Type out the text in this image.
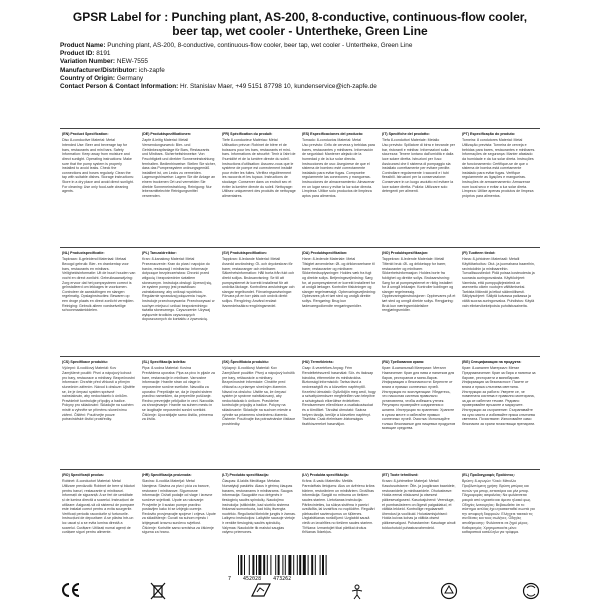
GPSR Label for : Punching plant, AS-200, 8-conductive, continuous-flow cooler, beer tap, wet cooler - Untertheke, Green Line
Product Name: Punching plant, AS-200, 8-conductive, continuous-flow cooler, beer tap, wet cooler - Untertheke, Green Line
Product ID: 8191
Variation Number: NEW-7555
Manufacturer/Distributor: ich-zapfe
Country of Origin: Germany
Contact Person & Contact Information: Hr. Stanislav Maer, +49 5151 87798 10, kundenservice@ich-zapfe.de
(EN) Product Specification:
Disc 8-conductive Material: Metal
Intended Use: Beer and beverage tap for bars, restaurants and mini bars. Safety Information: Keep away from moisture and direct sunlight. Operating instructions: Make sure that the pump system is properly installed to avoid leaks. Check the connections and hoses regularly. Clean the tap with suitable dishes. Storage instructions: Store in a dry place and avoid direct sunlight. For cleaning: Use only food-safe cleaning agents.
(DE) Produktspezifikationen:
Zapfe 8-leitig Material: Metall
Verwendungszweck: Bier- und Getränkezapfanlage für Bars, Restaurants und Minibars. Sicherheitshinweise: Von Feuchtigkeit und direkter Sonneneinstrahlung fernhalten. Bedienhinweise: Stellen Sie sicher, dass das Pumpensystem ordnungsgemäß installiert ist, um Lecks zu vermeiden. Lagerungshinweise: Lagern Sie die Anlage an einem trockenen Ort und vermeiden Sie direkte Sonneneinstrahlung. Reinigung: Nur lebensmittelechte Reinigungsmittel verwenden.
(FR) Spécification du produit:
Tiefe 8-conducteur Matériau: Métal
Utilisation prévue: Robinet de bière et de boissons pour les bars, restaurants et mini-bars. Informations de sécurité: Tenir à l'abri de l'humidité et de la lumière directe du soleil. Instructions d'utilisation: Assurez-vous que le système de pompe est correctement installé pour éviter les fuites. Vérifiez régulièrement les raccords et les tuyaux. Instructions de stockage: Conserver dans un endroit sec et éviter la lumière directe du soleil. Nettoyage: Utilisez uniquement des produits de nettoyage alimentaires.
(ES) Especificaciones del producto:
Tomado: 8-conductos Material: Metal
Uso previsto: Grifo de cerveza y bebidas para bares, restaurantes y minibares. Información de seguridad: Mantener alejado de la humedad y de la luz solar directa. Instrucciones de uso: Asegúrese de que el sistema de bombeo esté correctamente instalado para evitar fugas. Compruebe regularmente las conexiones y mangueras. Instrucciones de almacenamiento: Almacenar en un lugar seco y evitar la luz solar directa. Limpieza: Utilice solo productos de limpieza aptos para alimentos.
(IT) Specifiche del prodotto:
Tiefa 8-conduttori Materiale: Metallo
Uso previsto: Spillatore di birra e bevande per bar, ristoranti e minibar. Informazioni sulla sicurezza: Tenere lontano dall'umidità e dalla luce solare diretta. Istruzioni per l'uso: Assicurarsi che il sistema di pompaggio sia installato correttamente per evitare perdite. Controllare regolarmente i raccordi e i tubi flessibili. Istruzioni per la conservazione: Conservare in un luogo asciutto ed evitare la luce solare diretta. Pulizia: Utilizzare solo detergenti per alimenti.
(PT) Especificação do produto:
Torneira: 8 condutores Material: Metal
Utilização prevista: Torneira de cerveja e bebidas para bares, restaurantes e minibares. Informações de segurança: Manter afastado da humidade e da luz solar direta. Instruções de funcionamento: Certifique-se de que o sistema de bomba está corretamente instalado para evitar fugas. Verifique regularmente as ligações e mangueiras. Instruções de armazenamento: Armazenar num local seco e evitar a luz solar direta. Limpeza: Utilize apenas produtos de limpeza próprios para alimentos.
(NL) Productspecificatie:
Tapkraan: 8-geleidend Materiaal: Metaal
Beoogd gebruik: Bier- en drankentap voor bars, restaurants en minibars. Veiligheidsinformatie: Uit de buurt houden van vocht en direct zonlicht. Gebruiksaanwijzing: Zorg ervoor dat het pompsysteem correct is geïnstalleerd om lekkages te voorkomen. Controleer de aansluitingen en slangen regelmatig. Opslaginstructies: Bewaren op een droge plaats en direct zonlicht vermijden. Reiniging: Gebruik alleen voedselveilige schoonmaakmiddelen.
(PL) Tarcza/dreiktor:
Kran: 8-kanałowy Materiał: Metal
Przeznaczenie: Kran do piwa i napojów do barów, restauracji i minibarów. Informacje dotyczące bezpieczeństwa: Chronić przed wilgocią i bezpośrednim światłem słonecznym. Instrukcja obsługi: Upewnij się, że system pompy jest prawidłowo zainstalowany, aby uniknąć wycieków. Regularnie sprawdzaj połączenia i węże. Instrukcje przechowywania: Przechowywać w suchym miejscu i unikać bezpośredniego światła słonecznego. Czyszczenie: Używaj wyłącznie środków czyszczących dopuszczonych do kontaktu z żywnością.
(SV) Produktspecifikation:
Tappkran: 8-ledande Material: Metall
Avsedd användning: Öl- och dryckeskran för barer, restauranger och minibarer. Säkerhetsinformation: Håll borta från fukt och direkt solljus. Bruksanvisning: Se till att pumpsystemet är korrekt installerat för att undvika läckage. Kontrollera anslutningar och slangar regelbundet. Förvaringsanvisningar: Förvara på en torr plats och undvik direkt solljus. Rengöring: Använd endast livsmedelssäkra rengöringsmedel.
(DA) Produktspecifikation:
Hane: 8-ledende Materiale: Metal
Tilsigtet anvendelse: Øl- og drikkevarehane til barer, restauranter og minibarer. Sikkerhedsoplysninger: Holdes væk fra fugt og direkte sollys. Betjeningsvejledning: Sørg for, at pumpesystemet er korrekt installeret for at undgå lækager. Kontroller tilslutninger og slanger regelmæssigt. Opbevaringsvejledning: Opbevares på et tørt sted og undgå direkte sollys. Rengøring: Brug kun fødevaregodkendte rengøringsmidler.
(NO) Produktspesifikasjon:
Tappekran: 8-ledende Materiale: Metall
Tiltenkt bruk: Øl- og drikketapp for barer, restauranter og minibarer. Sikkerhetsinformasjon: Holdes borte fra fuktighet og direkte sollys. Bruksanvisning: Sørg for at pumpesystemet er riktig installert for å unngå lekkasjer. Kontroller koblinger og slanger regelmessig. Oppbevaringsinstruksjoner: Oppbevares på et tørt sted og unngå direkte sollys. Rengjøring: Bruk kun næringsmiddelsikre rengjøringsmidler.
(FI) Tuotteen tiedot:
Hana: 8-johtoinen Materiaali: Metalli
Käyttötarkoitus: Olut- ja juomahana baareihin, ravintoloihin ja minibaareihin. Turvallisuustiedot: Pidä poissa kosteudesta ja suorasta auringonvalosta. Käyttöohjeet: Varmista, että pumppujärjestelmä on asennettu oikein vuotojen välttämiseksi. Tarkista liitännät ja letkut säännöllisesti. Säilytysohjeet: Säilytä kuivassa paikassa ja vältä suoraa auringonvaloa. Puhdistus: Käytä vain elintarvikekelpoisia puhdistusaineita.
(CS) Specifikace produktu:
Výčepní: 8-vodičový Materiál: Kov
Zamýšlené použití: Pivní a nápojový kohout pro bary, restaurace a minibary. Bezpečnostní informace: Chraňte před vlhkostí a přímým slunečním zářením. Návod k obsluze: Ujistěte se, že je čerpací systém správně nainstalován, aby nedocházelo k únikům. Pravidelně kontrolujte přípojky a hadice. Pokyny pro skladování: Skladujte na suchém místě a vyhněte se přímému slunečnímu záření. Čištění: Používejte pouze potravinářské čisticí prostředky.
(SL) Specifikacija izdelka:
Pipa: 8-vodna Material: Kovina
Predvidena uporaba: Pipa za pivo in pijače za bare, restavracije in minibare. Varnostne informacije: Hranite stran od vlage in neposredne sončne svetlobe. Navodila za uporabo: Prepričajte se, da je črpalni sistem pravilno nameščen, da preprečite puščanje. Redno preverjajte priključke in cevi. Navodila za shranjevanje: Hranite na suhem mestu in se izogibajte neposredni sončni svetlobi. Čiščenje: Uporabljajte samo čistila, primerna za živila.
(SK) Špecifikácia produktu:
Výčapný: 8-vodičový Materiál: Kov
Zamýšľané použitie: Pivný a nápojový kohútik pre bary, reštaurácie a minibary. Bezpečnostné informácie: Chráňte pred vlhkosťou a priamym slnečným žiarením. Návod na obsluhu: Uistite sa, že čerpací systém je správne nainštalovaný, aby nedochádzalo k únikom. Pravidelne kontrolujte prípojky a hadice. Pokyny na skladovanie: Skladujte na suchom mieste a vyhnite sa priamemu slnečnému žiareniu. Čistenie: Používajte iba potravinárske čistiace prostriedky.
(HU) Termékleírás:
Csap: 8-vezetékes Anyag: Fém
Rendeltetésszerű használat: Sör- és italcsap bárokba, éttermekbe és minibárokba. Biztonsági információk: Tartsa távol a nedvességtől és a közvetlen napfénytől. Kezelési útmutató: Győződjön meg arról, hogy a szivattyúrendszer megfelelően van telepítve a szivárgások elkerülése érdekében. Rendszeresen ellenőrizze a csatlakozásokat és a tömlőket. Tárolási útmutató: Száraz helyen tárolja, kerülje a közvetlen napfényt. Tisztítás: Csak élelmiszer-biztonságos tisztítószereket használjon.
(RU) Требования крана:
Кран: 8-канальный Материал: Металл
Назначение: Кран для пива и напитков для баров, ресторанов и мини-баров. Информация о безопасности: Берегите от влаги и прямых солнечных лучей. Инструкция по эксплуатации: Убедитесь, что насосная система правильно установлена, чтобы избежать утечек. Регулярно проверяйте соединения и шланги. Инструкции по хранению: Храните в сухом месте и избегайте прямых солнечных лучей. Очистка: Используйте только безопасные для пищевых продуктов моющие средства.
(BG) Спецификация на продукта:
Кран: 8-канален Материал: Метал
Предназначение: Кран за бира и напитки за барове, ресторанти и минибарове. Информация за безопасност: Пазете от влага и пряка слънчева светлина. Инструкции за работа: Уверете се, че помпената система е правилно монтирана, за да се избегнат течове. Редовно проверявайте връзките и маркучите. Инструкции за съхранение: Съхранявайте на сухо място и избягвайте пряка слънчева светлина. Почистване: Използвайте само безопасни за храни почистващи препарати.
(RO) Specificații produs:
Robinet: 8-conductori Material: Metal
Utilizare prevăzută: Robinet de bere și băuturi pentru baruri, restaurante și minibaruri. Informații de siguranță: A se feri de umiditate și de lumina directă a soarelui. Instrucțiuni de utilizare: Asigurați-vă că sistemul de pompare este instalat corect pentru a evita scurgerile. Verificați periodic racordurile și furtunurile. Instrucțiuni de depozitare: A se păstra într-un loc uscat și a se evita lumina directă a soarelui. Curățare: Utilizați numai agenți de curățare siguri pentru alimente.
(HR) Specifikacija proizvoda:
Slavina: 8-vodiča Materijal: Metal
Namjena: Slavina za pivo i pića za barove, restorane i minibarove. Sigurnosne informacije: Držati podalje od vlage i izravne sunčeve svjetlosti. Upute za rukovanje: Provjerite je li sustav pumpe pravilno postavljen kako bi se izbjeglo curenje. Redovito provjeravajte spojeve i crijeva. Upute za skladištenje: Čuvati na suhom mjestu i izbjegavati izravnu sunčevu svjetlost. Čišćenje: Koristite samo sredstva za čišćenje sigurna za hranu.
(LT) Produkto specifikacija:
Čiaupas: 8-laidis Medžiaga: Metalas
Numatytoji paskirtis: Alaus ir gėrimų čiaupas barams, restoranams ir minibarams. Saugos informacija: Saugokite nuo drėgmės ir tiesioginių saulės spindulių. Naudojimo instrukcija: Įsitikinkite, kad siurblio sistema tinkamai sumontuota, kad būtų išvengta nuotėkio. Reguliariai tikrinkite jungtis ir žarnas. Laikymo instrukcijos: Laikykite sausoje vietoje ir venkite tiesioginių saulės spindulių. Valymas: Naudokite tik maistui saugias valymo priemones.
(LV) Produkta specifikācija:
Krāns: 8-vadu Materiāls: Metāls
Paredzētais lietojums: Alus un dzērienu krāns bāriem, restorāniem un minibāriem. Drošības informācija: Sargāt no mitruma un tiešiem saules stariem. Lietošanas instrukcija: Pārliecinieties, ka sūkņa sistēma ir pareizi uzstādīta, lai izvairītos no noplūdēm. Regulāri pārbaudiet savienojumus un šļūtenes. Uzglabāšanas norādījumi: Uzglabāt sausā vietā un izvairīties no tiešiem saules stariem. Tīrīšana: Izmantojiet tikai pārtikai drošus tīrīšanas līdzekļus.
(ET) Toote tehnilised:
Kraan: 8-juhtmeline Materjal: Metall
Kasutusotstarve: Õlle- ja joogikraan baaridele, restoranidele ja minibaaridele. Ohutusteave: Hoida eemal niiskusest ja otsesest päikesevalgusest. Kasutusjuhend: Veenduge, et pumbasüsteem on õigesti paigaldatud, et vältida lekkeid. Kontrollige regulaarselt ühendusi ja voolikuid. Hoiustamisjuhised: Hoida kuivas kohas ja vältida otsest päikesevalgust. Puhastamine: Kasutage ainult toiduohutuid puhastusvahendeid.
(EL) Προδιαγραφές Προϊόντος:
Βρύση: 8-αγωγών Υλικό: Μέταλλο
Προβλεπόμενη χρήση: Βρύση μπύρας και ποτών για μπαρ, εστιατόρια και μίνι μπαρ. Πληροφορίες ασφαλείας: Να φυλάσσεται μακριά από υγρασία και άμεσο ηλιακό φως. Οδηγίες λειτουργίας: Βεβαιωθείτε ότι το σύστημα αντλίας έχει εγκατασταθεί σωστά για την αποφυγή διαρροών. Ελέγχετε τακτικά τις συνδέσεις και τους σωλήνες. Οδηγίες αποθήκευσης: Φυλάσσετε σε ξηρό μέρος. Καθαρισμός: Χρησιμοποιείτε μόνο καθαριστικά κατάλληλα για τρόφιμα.
7 452028 473262
